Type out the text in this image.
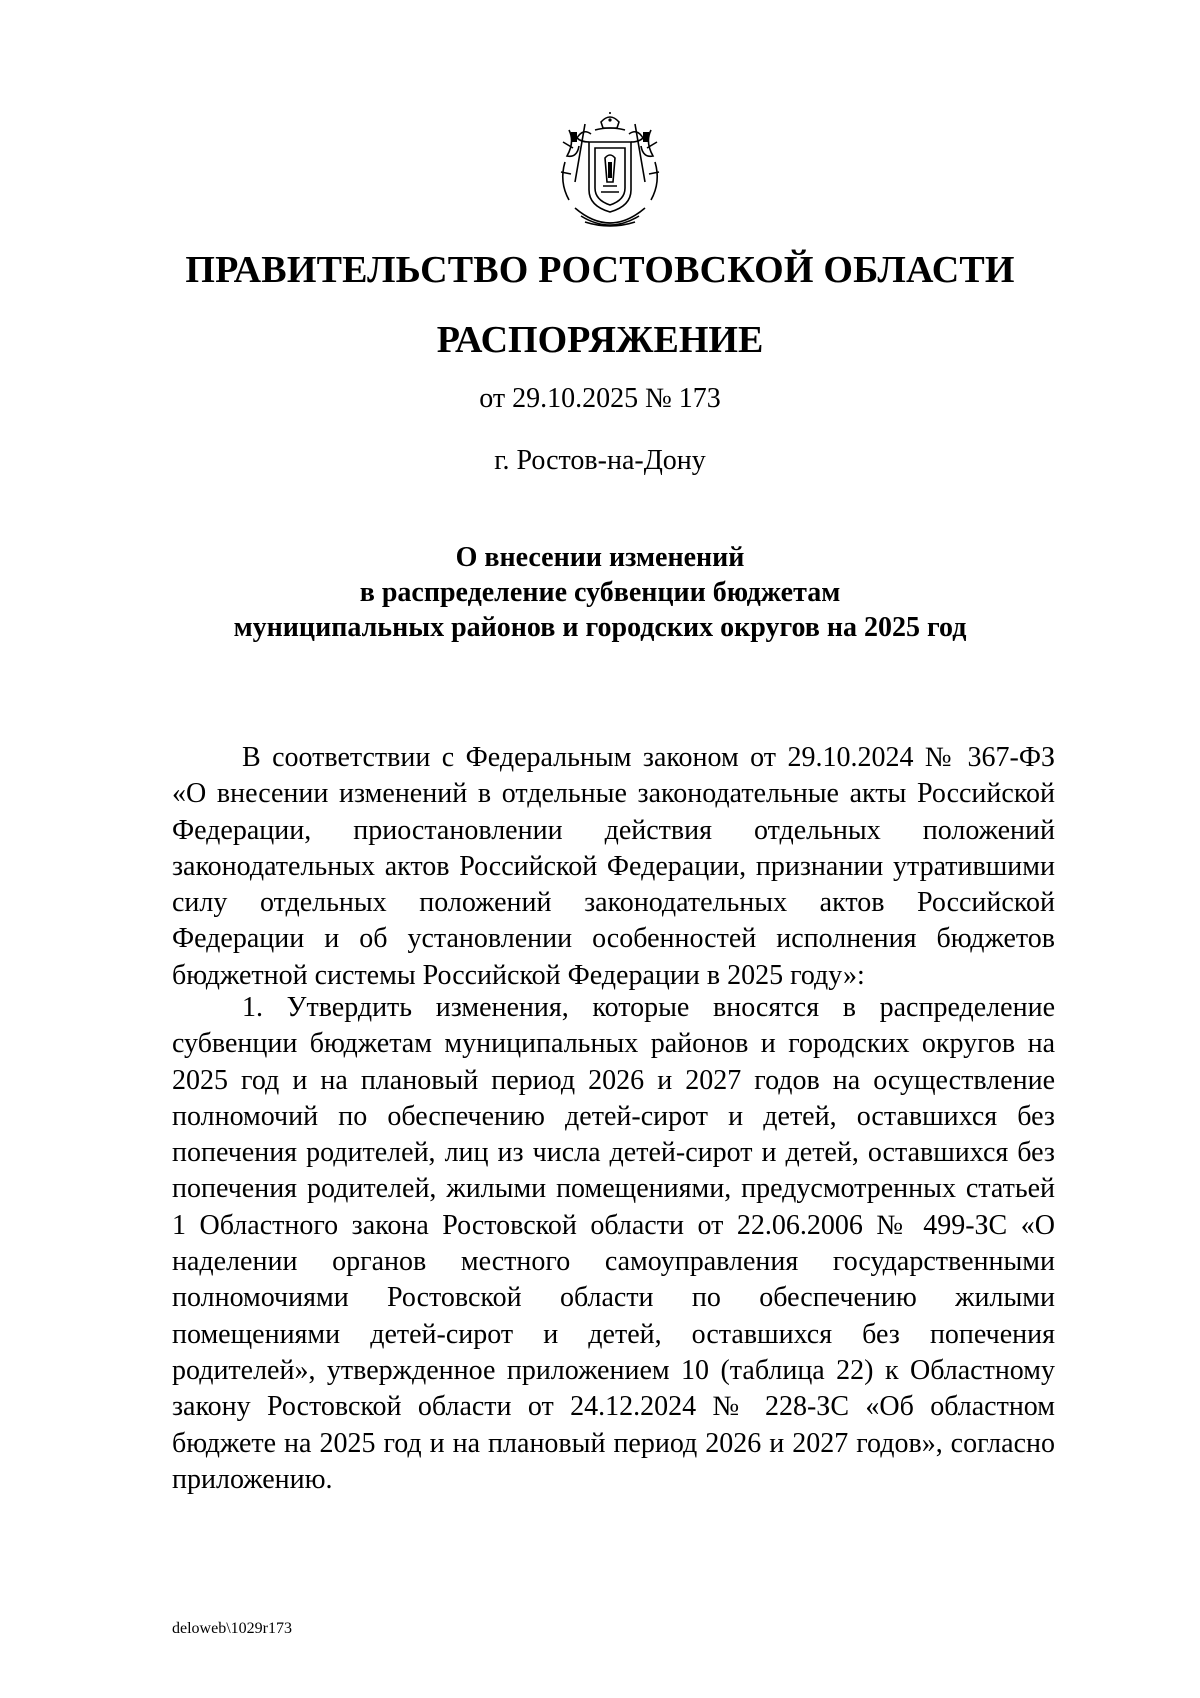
ПРАВИТЕЛЬСТВО РОСТОВСКОЙ ОБЛАСТИ
РАСПОРЯЖЕНИЕ
от 29.10.2025 № 173
г. Ростов-на-Дону
О внесении изменений
в распределение субвенции бюджетам
муниципальных районов и городских округов на 2025 год

В соответствии с Федеральным законом от 29.10.2024 № 367-ФЗ «О внесении изменений в отдельные законодательные акты Российской Федерации, приостановлении действия отдельных положений законодательных актов Российской Федерации, признании утратившими силу отдельных положений законодательных актов Российской Федерации и об установлении особенностей исполнения бюджетов бюджетной системы Российской Федерации в 2025 году»:

1. Утвердить изменения, которые вносятся в распределение субвенции бюджетам муниципальных районов и городских округов на 2025 год и на плановый период 2026 и 2027 годов на осуществление полномочий по обеспечению детей-сирот и детей, оставшихся без попечения родителей, лиц из числа детей-сирот и детей, оставшихся без попечения родителей, жилыми помещениями, предусмотренных статьей 1 Областного закона Ростовской области от 22.06.2006 № 499-ЗС «О наделении органов местного самоуправления государственными полномочиями Ростовской области по обеспечению жилыми помещениями детей-сирот и детей, оставшихся без попечения родителей», утвержденное приложением 10 (таблица 22) к Областному закону Ростовской области от 24.12.2024 № 228-ЗС «Об областном бюджете на 2025 год и на плановый период 2026 и 2027 годов», согласно приложению.

deloweb\1029r173
